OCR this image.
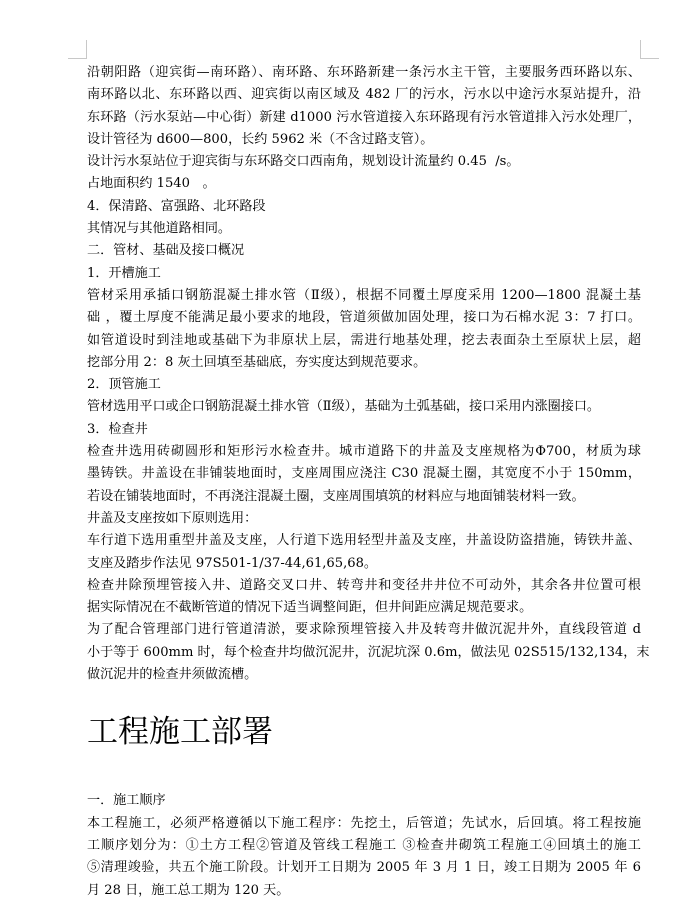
沿朝阳路（迎宾街—南环路）、南环路、东环路新建一条污水主干管，主要服务西环路以东、
南环路以北、东环路以西、迎宾街以南区域及 482 厂的污水，污水以中途污水泵站提升，沿
东环路（污水泵站—中心街）新建 d1000 污水管道接入东环路现有污水管道排入污水处理厂，
设计管径为 d600—800，长约 5962 米（不含过路支管）。
设计污水泵站位于迎宾街与东环路交口西南角，规划设计流量约 0.45  /s。
占地面积约 1540   。
4．保清路、富强路、北环路段
其情况与其他道路相同。
二．管材、基础及接口概况
1．开槽施工
管材采用承插口钢筋混凝土排水管（Ⅱ级），根据不同覆土厚度采用 1200—1800 混凝土基
础 ，覆土厚度不能满足最小要求的地段，管道须做加固处理，接口为石棉水泥 3：7 打口。
如管道设时到洼地或基础下为非原状上层，需进行地基处理，挖去表面杂土至原状上层，超
挖部分用 2：8 灰土回填至基础底，夯实度达到规范要求。
2．顶管施工
管材选用平口或企口钢筋混凝土排水管（Ⅱ级），基础为土弧基础，接口采用内涨圈接口。
3．检查井
检查井选用砖砌圆形和矩形污水检查井。城市道路下的井盖及支座规格为Φ700，材质为球
墨铸铁。井盖设在非铺装地面时，支座周围应浇注 C30 混凝土圈，其宽度不小于 150mm，
若设在铺装地面时，不再浇注混凝土圈，支座周围填筑的材料应与地面铺装材料一致。
井盖及支座按如下原则选用：
车行道下选用重型井盖及支座，人行道下选用轻型井盖及支座，井盖设防盗措施，铸铁井盖、
支座及踏步作法见 97S501-1/37-44,61,65,68。
检查井除预埋管接入井、道路交叉口井、转弯井和变径井井位不可动外，其余各井位置可根
据实际情况在不截断管道的情况下适当调整间距，但井间距应满足规范要求。
为了配合管理部门进行管道清淤，要求除预埋管接入井及转弯井做沉泥井外，直线段管道 d
小于等于 600mm 时，每个检查井均做沉泥井，沉泥坑深 0.6m，做法见 02S515/132,134，末
做沉泥井的检查井须做流槽。
工程施工部署
一．施工顺序
本工程施工，必须严格遵循以下施工程序：先挖土，后管道；先试水，后回填。将工程按施
工顺序划分为：①土方工程②管道及管线工程施工 ③检查井砌筑工程施工④回填土的施工
⑤清理竣验，共五个施工阶段。计划开工日期为 2005 年 3 月 1 日，竣工日期为 2005 年 6
月 28 日，施工总工期为 120 天。
